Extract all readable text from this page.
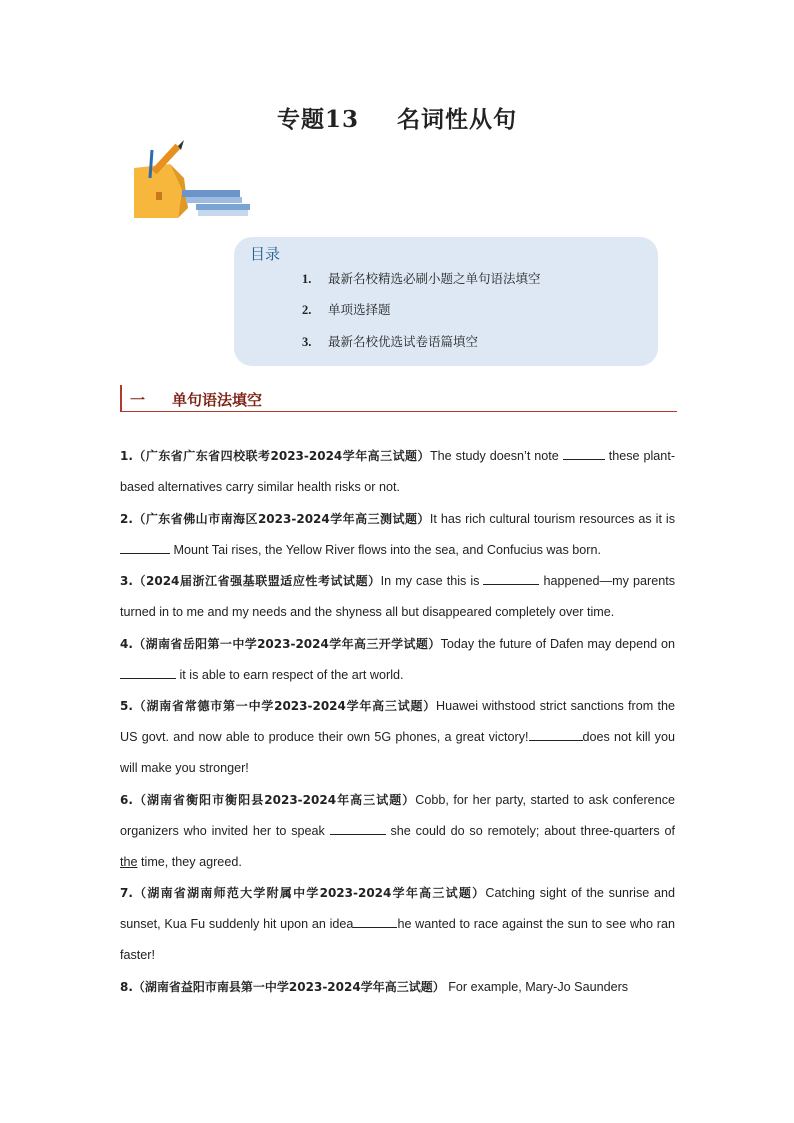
专题13 名词性从句
目录
1. 最新名校精选必刷小题之单句语法填空
2. 单项选择题
3. 最新名校优选试卷语篇填空
一 单句语法填空
1.（广东省广东省四校联考2023-2024学年高三试题）The study doesn’t note	these plant-based alternatives carry similar health risks or not.
2.（广东省佛山市南海区2023-2024学年高三测试题）It has rich cultural tourism resources as it is Mount Tai rises, the Yellow River flows into the sea, and Confucius was born.
3.（2024届浙江省强基联盟适应性考试试题）In my case this is	happened—my parents turned in to me and my needs and the shyness all but disappeared completely over time.
4.（湖南省岳阳第一中学2023-2024学年高三开学试题）Today the future of Dafen may depend on  it is able to earn respect of the art world.
5.（湖南省常德市第一中学2023-2024学年高三试题）Huawei withstood strict sanctions from the US govt. and now able to produce their own 5G phones, a great victory!	does not kill you will make you stronger!
6.（湖南省衡阳市衡阳县2023-2024年高三试题）Cobb, for her party, started to ask conference organizers who invited her to speak	she could do so remotely; about three-quarters of the time, they agreed.
7.（湖南省湖南师范大学附属中学2023-2024学年高三试题）Catching sight of the sunrise and sunset, Kua Fu suddenly hit upon an idea	he wanted to race against the sun to see who ran faster!
8.（湖南省益阳市南县第一中学2023-2024学年高三试题） For example, Mary-Jo Saunders
